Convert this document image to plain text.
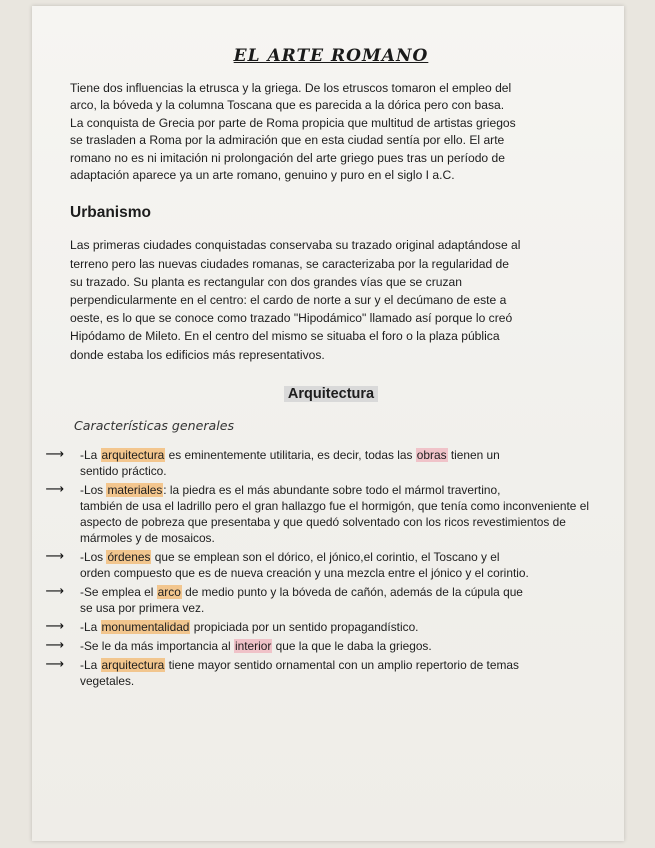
EL ARTE ROMANO
Tiene dos influencias la etrusca y la griega. De los etruscos tomaron el empleo del
arco, la bóveda y la columna Toscana que es parecida a la dórica pero con basa.
La conquista de Grecia por parte de Roma propicia que multitud de artistas griegos
se trasladen a Roma por la admiración que en esta ciudad sentía por ello. El arte
romano no es ni imitación ni prolongación del arte griego pues tras un período de
adaptación aparece ya un arte romano, genuino y puro en el siglo I a.C.
Urbanismo
Las primeras ciudades conquistadas conservaba su trazado original adaptándose al
terreno pero las nuevas ciudades romanas, se caracterizaba por la regularidad de
su trazado. Su planta es rectangular con dos grandes vías que se cruzan
perpendicularmente en el centro: el cardo de norte a sur y el decúmano de este a
oeste, es lo que se conoce como trazado "Hipodámico" llamado así porque lo creó
Hipódamo de Mileto. En el centro del mismo se situaba el foro o la plaza pública
donde estaba los edificios más representativos.
Arquitectura

Características generales

⟶ -La arquitectura es eminentemente utilitaria, es decir, todas las obras tienen un
sentido práctico.
⟶ -Los materiales: la piedra es el más abundante sobre todo el mármol travertino,
también de usa el ladrillo pero el gran hallazgo fue el hormigón, que tenía como inconveniente el aspecto de pobreza que presentaba y que quedó solventado con los ricos revestimientos de mármoles y de mosaicos.
⟶ -Los órdenes que se emplean son el dórico, el jónico,el corintio, el Toscano y el
orden compuesto que es de nueva creación y una mezcla entre el jónico y el corintio.
⟶ -Se emplea el arco de medio punto y la bóveda de cañón, además de la cúpula que
se usa por primera vez.
⟶ -La monumentalidad propiciada por un sentido propagandístico.
⟶ -Se le da más importancia al interior que la que le daba la griegos.
⟶ -La arquitectura tiene mayor sentido ornamental con un amplio repertorio de temas
vegetales.
